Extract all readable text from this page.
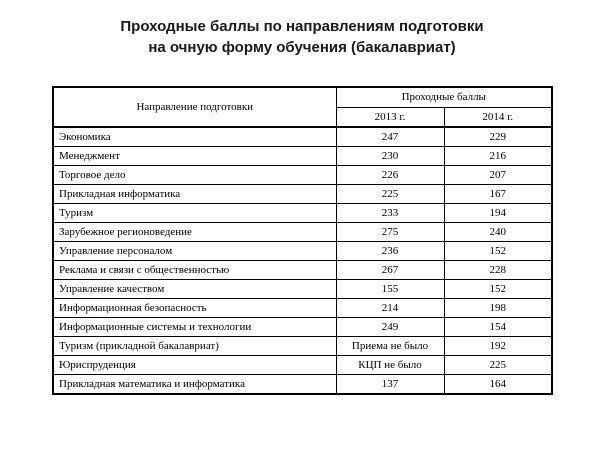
Проходные баллы по направлениям подготовки
на очную форму обучения (бакалавриат)
Направление подготовки	Проходные баллы	
	2013 г.	2014 г.
Экономика	247	229
Менеджмент	230	216
Торговое дело	226	207
Прикладная информатика	225	167
Туризм	233	194
Зарубежное регионоведение	275	240
Управление персоналом	236	152
Реклама и связи с общественностью	267	228
Управление качеством	155	152
Информационная безопасность	214	198
Информационные системы и технологии	249	154
Туризм (прикладной бакалавриат)	Приема не было	192
Юриспруденция	КЦП не было	225
Прикладная математика и информатика	137	164
